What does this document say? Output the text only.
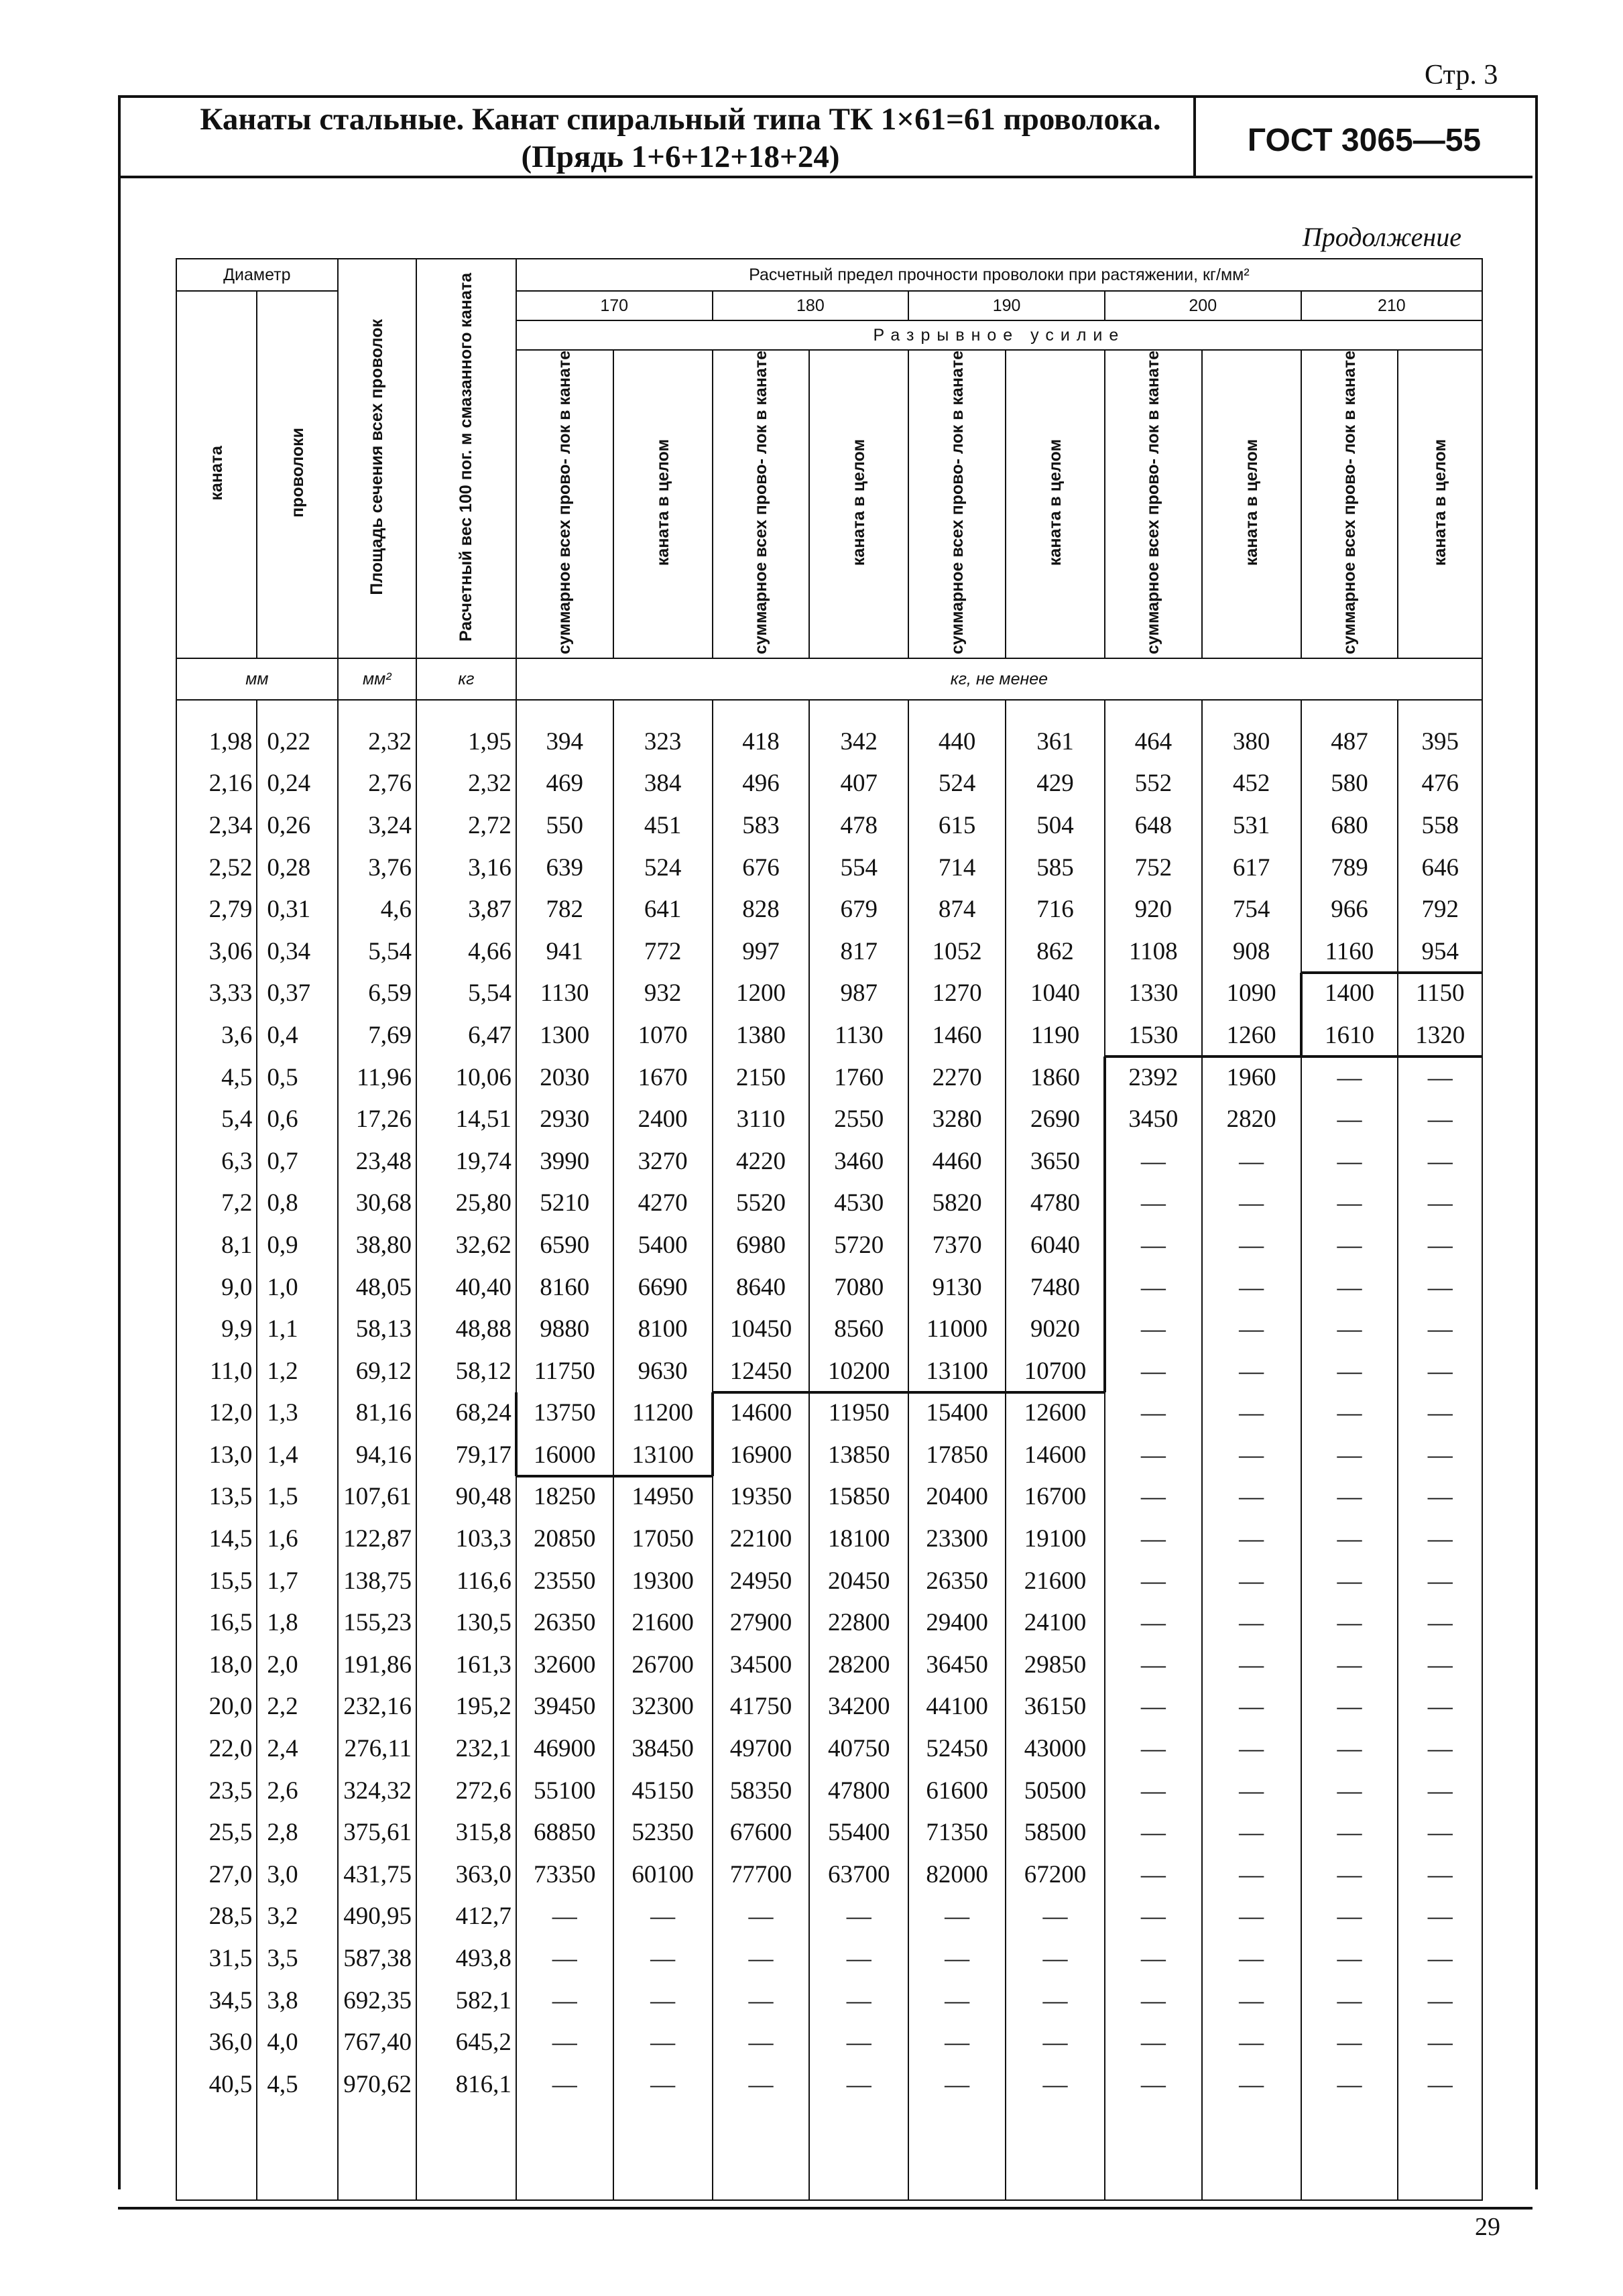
Стр. 3
Канаты стальные. Канат спиральный типа ТК 1×61=61 проволока.
(Прядь 1+6+12+18+24)	ГОСТ 3065—55
Продолжение
Диаметр		Площадь сечения всех проволок	Расчетный вес 100 пог. м смазанного каната	Расчетный предел прочности проволоки при растяжении, кг/мм²									
каната	проволоки			170		180		190		200		210	
				Разрывное усилие									
				суммарное всех прово- лок в канате	каната в целом	суммарное всех прово- лок в канате	каната в целом	суммарное всех прово- лок в канате	каната в целом	суммарное всех прово- лок в канате	каната в целом	суммарное всех прово- лок в канате	каната в целом
мм		мм²	кг	кг, не менее									

1,98	0,22	2,32	1,95	394	323	418	342	440	361	464	380	487	395
2,16	0,24	2,76	2,32	469	384	496	407	524	429	552	452	580	476
2,34	0,26	3,24	2,72	550	451	583	478	615	504	648	531	680	558
2,52	0,28	3,76	3,16	639	524	676	554	714	585	752	617	789	646
2,79	0,31	4,6	3,87	782	641	828	679	874	716	920	754	966	792
3,06	0,34	5,54	4,66	941	772	997	817	1052	862	1108	908	1160	954
3,33	0,37	6,59	5,54	1130	932	1200	987	1270	1040	1330	1090	1400	1150
3,6	0,4	7,69	6,47	1300	1070	1380	1130	1460	1190	1530	1260	1610	1320
4,5	0,5	11,96	10,06	2030	1670	2150	1760	2270	1860	2392	1960	—	—
5,4	0,6	17,26	14,51	2930	2400	3110	2550	3280	2690	3450	2820	—	—
6,3	0,7	23,48	19,74	3990	3270	4220	3460	4460	3650	—	—	—	—
7,2	0,8	30,68	25,80	5210	4270	5520	4530	5820	4780	—	—	—	—
8,1	0,9	38,80	32,62	6590	5400	6980	5720	7370	6040	—	—	—	—
9,0	1,0	48,05	40,40	8160	6690	8640	7080	9130	7480	—	—	—	—
9,9	1,1	58,13	48,88	9880	8100	10450	8560	11000	9020	—	—	—	—
11,0	1,2	69,12	58,12	11750	9630	12450	10200	13100	10700	—	—	—	—
12,0	1,3	81,16	68,24	13750	11200	14600	11950	15400	12600	—	—	—	—
13,0	1,4	94,16	79,17	16000	13100	16900	13850	17850	14600	—	—	—	—
13,5	1,5	107,61	90,48	18250	14950	19350	15850	20400	16700	—	—	—	—
14,5	1,6	122,87	103,3	20850	17050	22100	18100	23300	19100	—	—	—	—
15,5	1,7	138,75	116,6	23550	19300	24950	20450	26350	21600	—	—	—	—
16,5	1,8	155,23	130,5	26350	21600	27900	22800	29400	24100	—	—	—	—
18,0	2,0	191,86	161,3	32600	26700	34500	28200	36450	29850	—	—	—	—
20,0	2,2	232,16	195,2	39450	32300	41750	34200	44100	36150	—	—	—	—
22,0	2,4	276,11	232,1	46900	38450	49700	40750	52450	43000	—	—	—	—
23,5	2,6	324,32	272,6	55100	45150	58350	47800	61600	50500	—	—	—	—
25,5	2,8	375,61	315,8	68850	52350	67600	55400	71350	58500	—	—	—	—
27,0	3,0	431,75	363,0	73350	60100	77700	63700	82000	67200	—	—	—	—
28,5	3,2	490,95	412,7	—	—	—	—	—	—	—	—	—	—
31,5	3,5	587,38	493,8	—	—	—	—	—	—	—	—	—	—
34,5	3,8	692,35	582,1	—	—	—	—	—	—	—	—	—	—
36,0	4,0	767,40	645,2	—	—	—	—	—	—	—	—	—	—
40,5	4,5	970,62	816,1	—	—	—	—	—	—	—	—	—	—

29
